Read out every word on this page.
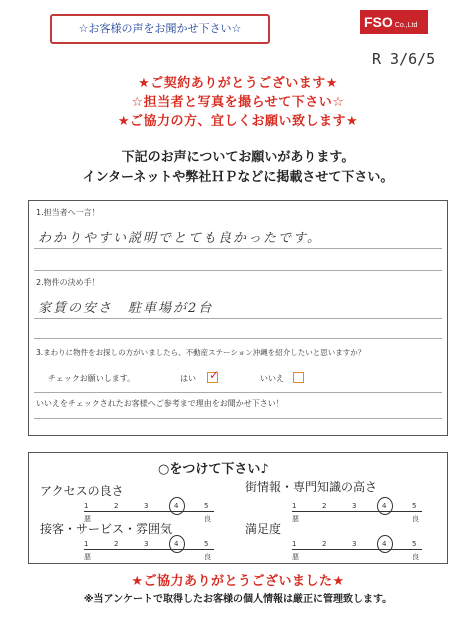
☆お客様の声をお聞かせ下さい☆	FSO Co.,Ltd
R 3/6/5
★ご契約ありがとうございます★
☆担当者と写真を撮らせて下さい☆
★ご協力の方、宜しくお願い致します★
下記のお声についてお願いがあります。
インターネットや弊社ＨＰなどに掲載させて下さい。
1.担当者へ一言！
わかりやすい説明でとても良かったです。
2.物件の決め手！
家賃の安さ　駐車場が2台
3.まわりに物件をお探しの方がいましたら、不動産ステーション沖縄を紹介したいと思いますか？
チェックお願いします。	はい ✓	いいえ
いいえをチェックされたお客様へご参考まで理由をお聞かせ下さい！
○をつけて下さい♪
アクセスの良さ
1	2	3	4	5
悪	良
街情報・専門知識の高さ
1	2	3	4	5
悪	良
接客・サービス・雰囲気
1	2	3	4	5
悪	良
満足度
1	2	3	4	5
悪	良
★ご協力ありがとうございました★
※当アンケートで取得したお客様の個人情報は厳正に管理致します。
